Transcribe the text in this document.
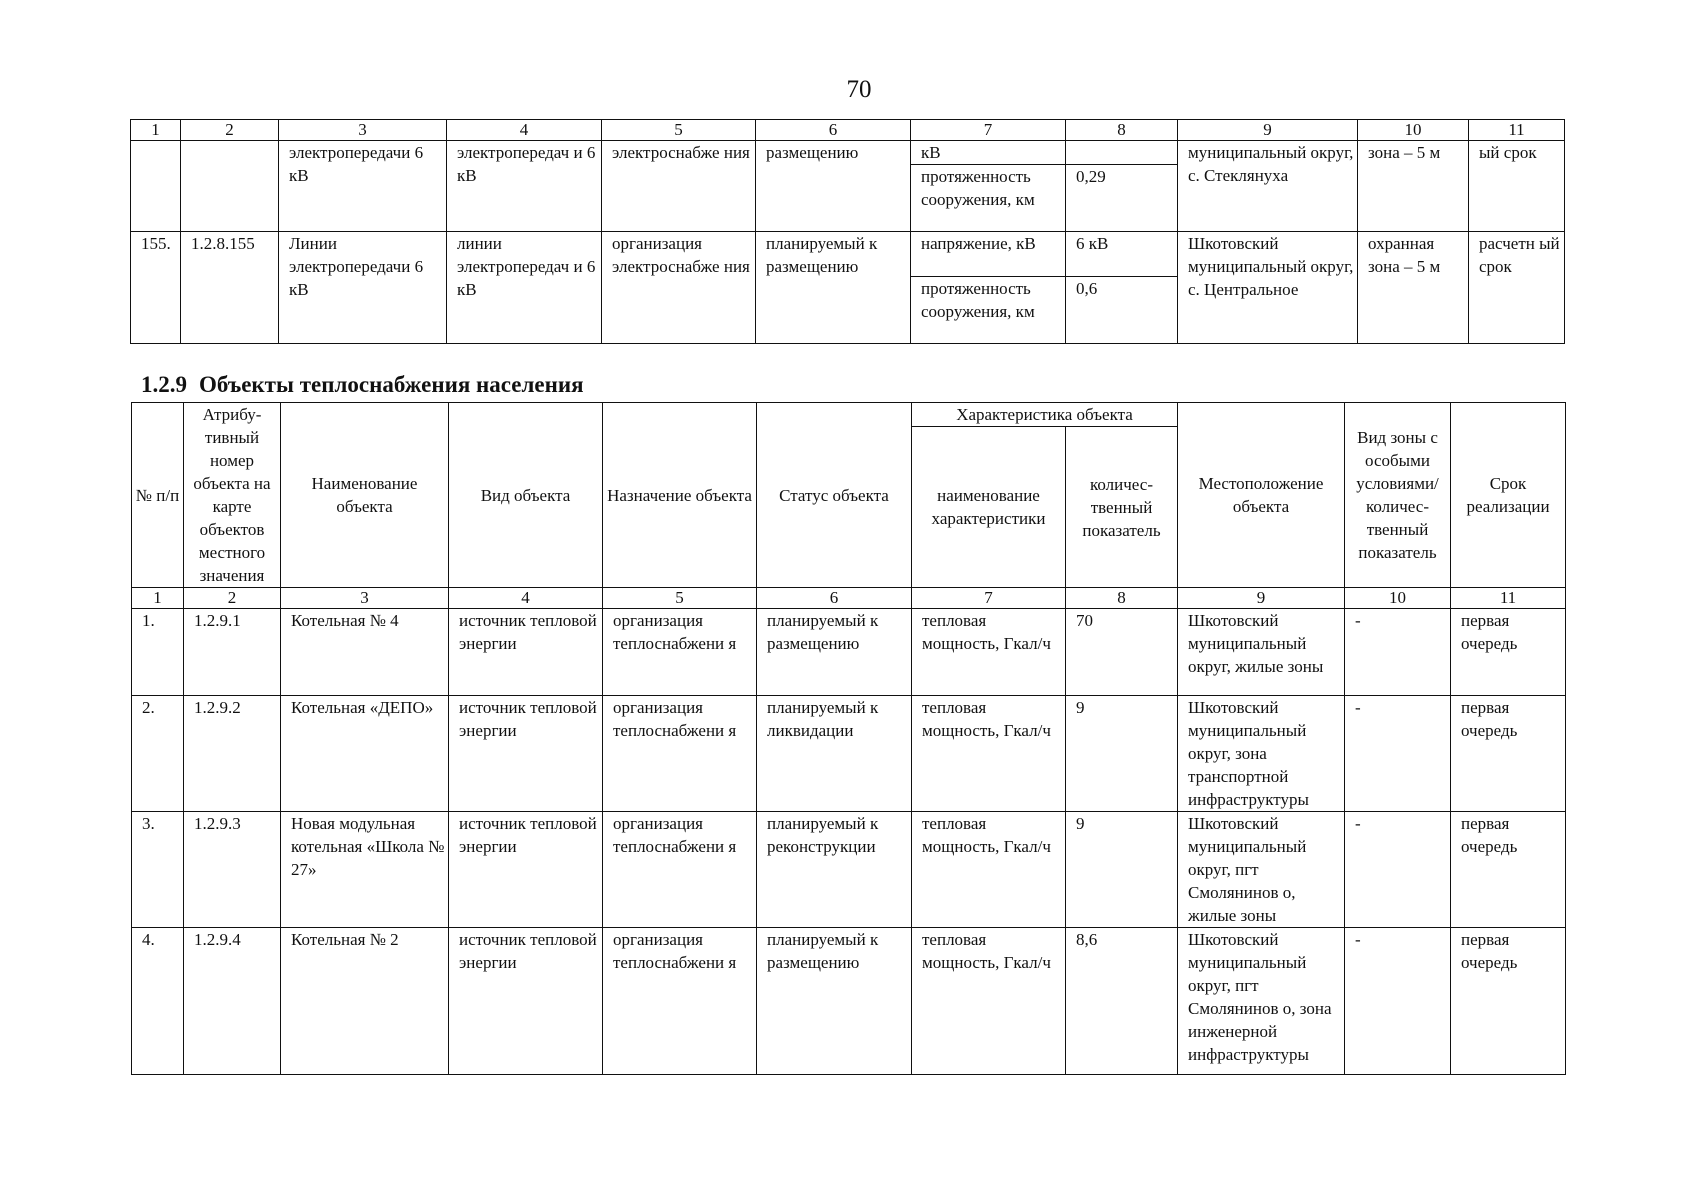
70
1	2	3	4	5	6	7	8	9	10	11
		электропередачи 6 кВ	электропередач и 6 кВ	электроснабже ния	размещению	кВ		муниципальный округ, с. Стеклянуха	зона – 5 м	ый срок
						протяженность сооружения, км	0,29			
155.	1.2.8.155	Линии электропередачи 6 кВ	линии электропередач и 6 кВ	организация электроснабже ния	планируемый к размещению	напряжение, кВ	6 кВ	Шкотовский муниципальный округ, с. Центральное	охранная зона – 5 м	расчетн ый срок
						протяженность сооружения, км	0,6			
1.2.9 Объекты теплоснабжения населения
№ п/п	Атрибу-тивный номер объекта на карте объектов местного значения	Наименование объекта	Вид объекта	Назначение объекта	Статус объекта	Характеристика объекта		Местоположение объекта	Вид зоны с особыми условиями/ количес-твенный показатель	Срок реализации
						наименование характеристики	количес-твенный показатель			
1	2	3	4	5	6	7	8	9	10	11
1.	1.2.9.1	Котельная № 4	источник тепловой энергии	организация теплоснабжени я	планируемый к размещению	тепловая мощность, Гкал/ч	70	Шкотовский муниципальный округ, жилые зоны	-	первая очередь
2.	1.2.9.2	Котельная «ДЕПО»	источник тепловой энергии	организация теплоснабжени я	планируемый к ликвидации	тепловая мощность, Гкал/ч	9	Шкотовский муниципальный округ, зона транспортной инфраструктуры	-	первая очередь
3.	1.2.9.3	Новая модульная котельная «Школа № 27»	источник тепловой энергии	организация теплоснабжени я	планируемый к реконструкции	тепловая мощность, Гкал/ч	9	Шкотовский муниципальный округ, пгт Смолянинов о, жилые зоны	-	первая очередь
4.	1.2.9.4	Котельная № 2	источник тепловой энергии	организация теплоснабжени я	планируемый к размещению	тепловая мощность, Гкал/ч	8,6	Шкотовский муниципальный округ, пгт Смолянинов о, зона инженерной инфраструктуры	-	первая очередь
